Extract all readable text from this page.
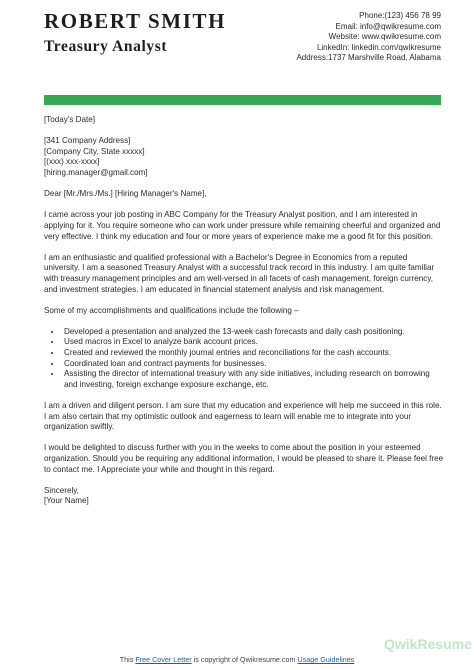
ROBERT SMITH
Treasury Analyst
Phone:(123) 456 78 99
Email: info@qwikresume.com
Website: www.qwikresume.com
LinkedIn: linkedin.com/qwikresume
Address:1737 Marshville Road, Alabama

[Today's Date]

[341 Company Address]
[Company City, State xxxxx]
[(xxx) xxx-xxxx]
[hiring.manager@gmail.com]

Dear [Mr./Mrs./Ms.] [Hiring Manager's Name],

I came across your job posting in ABC Company for the Treasury Analyst position, and I am interested in applying for it. You require someone who can work under pressure while remaining cheerful and organized and very effective. I think my education and four or more years of experience make me a good fit for this position.

I am an enthusiastic and qualified professional with a Bachelor's Degree in Economics from a reputed university. I am a seasoned Treasury Analyst with a successful track record in this industry. I am quite familiar with treasury management principles and am well-versed in all facets of cash management, foreign currency, and investment strategies. I am educated in financial statement analysis and risk management.

Some of my accomplishments and qualifications include the following –

• Developed a presentation and analyzed the 13-week cash forecasts and daily cash positioning.
• Used macros in Excel to analyze bank account prices.
• Created and reviewed the monthly journal entries and reconciliations for the cash accounts.
• Coordinated loan and contract payments for businesses.
• Assisting the director of international treasury with any side initiatives, including research on borrowing and investing, foreign exchange exposure exchange, etc.

I am a driven and diligent person. I am sure that my education and experience will help me succeed in this role. I am also certain that my optimistic outlook and eagerness to learn will enable me to integrate into your organization swiftly.

I would be delighted to discuss further with you in the weeks to come about the position in your esteemed organization. Should you be requiring any additional information, I would be pleased to share it. Please feel free to contact me. I Appreciate your while and thought in this regard.

Sincerely,
[Your Name]
QwikResume
This Free Cover Letter is copyright of Qwikresume.com Usage Guidelines
